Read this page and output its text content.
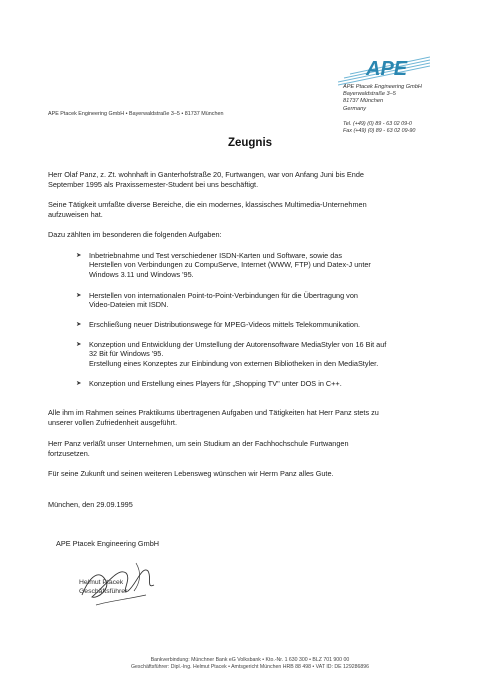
APE
APE Ptacek Engineering GmbH
Bayerwaldstraße 3–5
81737 München
Germany
APE Ptacek Engineering GmbH • Bayerwaldstraße 3–5 • 81737 München
Tel. (+49) (0) 89 - 63 02 09-0
Fax (+49) (0) 89 - 63 02 09-90
Zeugnis
Herr Olaf Panz, z. Zt. wohnhaft in Ganterhofstraße 20, Furtwangen, war von Anfang Juni bis Ende
September 1995 als Praxissemester-Student bei uns beschäftigt.
Seine Tätigkeit umfaßte diverse Bereiche, die ein modernes, klassisches Multimedia-Unternehmen
aufzuweisen hat.
Dazu zählten im besonderen die folgenden Aufgaben:
➤ Inbetriebnahme und Test verschiedener ISDN-Karten und Software, sowie das
Herstellen von Verbindungen zu CompuServe, Internet (WWW, FTP) und Datex-J unter
Windows 3.11 und Windows '95.
➤ Herstellen von internationalen Point-to-Point-Verbindungen für die Übertragung von
Video-Dateien mit ISDN.
➤ Erschließung neuer Distributionswege für MPEG-Videos mittels Telekommunikation.
➤ Konzeption und Entwicklung der Umstellung der Autorensoftware MediaStyler von 16 Bit auf
32 Bit für Windows '95.
Erstellung eines Konzeptes zur Einbindung von externen Bibliotheken in den MediaStyler.
➤ Konzeption und Erstellung eines Players für „Shopping TV" unter DOS in C++.
Alle ihm im Rahmen seines Praktikums übertragenen Aufgaben und Tätigkeiten hat Herr Panz stets zu
unserer vollen Zufriedenheit ausgeführt.
Herr Panz verläßt unser Unternehmen, um sein Studium an der Fachhochschule Furtwangen
fortzusetzen.
Für seine Zukunft und seinen weiteren Lebensweg wünschen wir Herrn Panz alles Gute.
München, den 29.09.1995
APE Ptacek Engineering GmbH
Helmut Ptacek
Geschäftsführer
Bankverbindung: Münchner Bank eG Volksbank • Kto.-Nr. 1 630 300 • BLZ 701 900 00
Geschäftsführer: Dipl.-Ing. Helmut Ptacek • Amtsgericht München HRB 88 498 • VAT ID: DE 129286896
